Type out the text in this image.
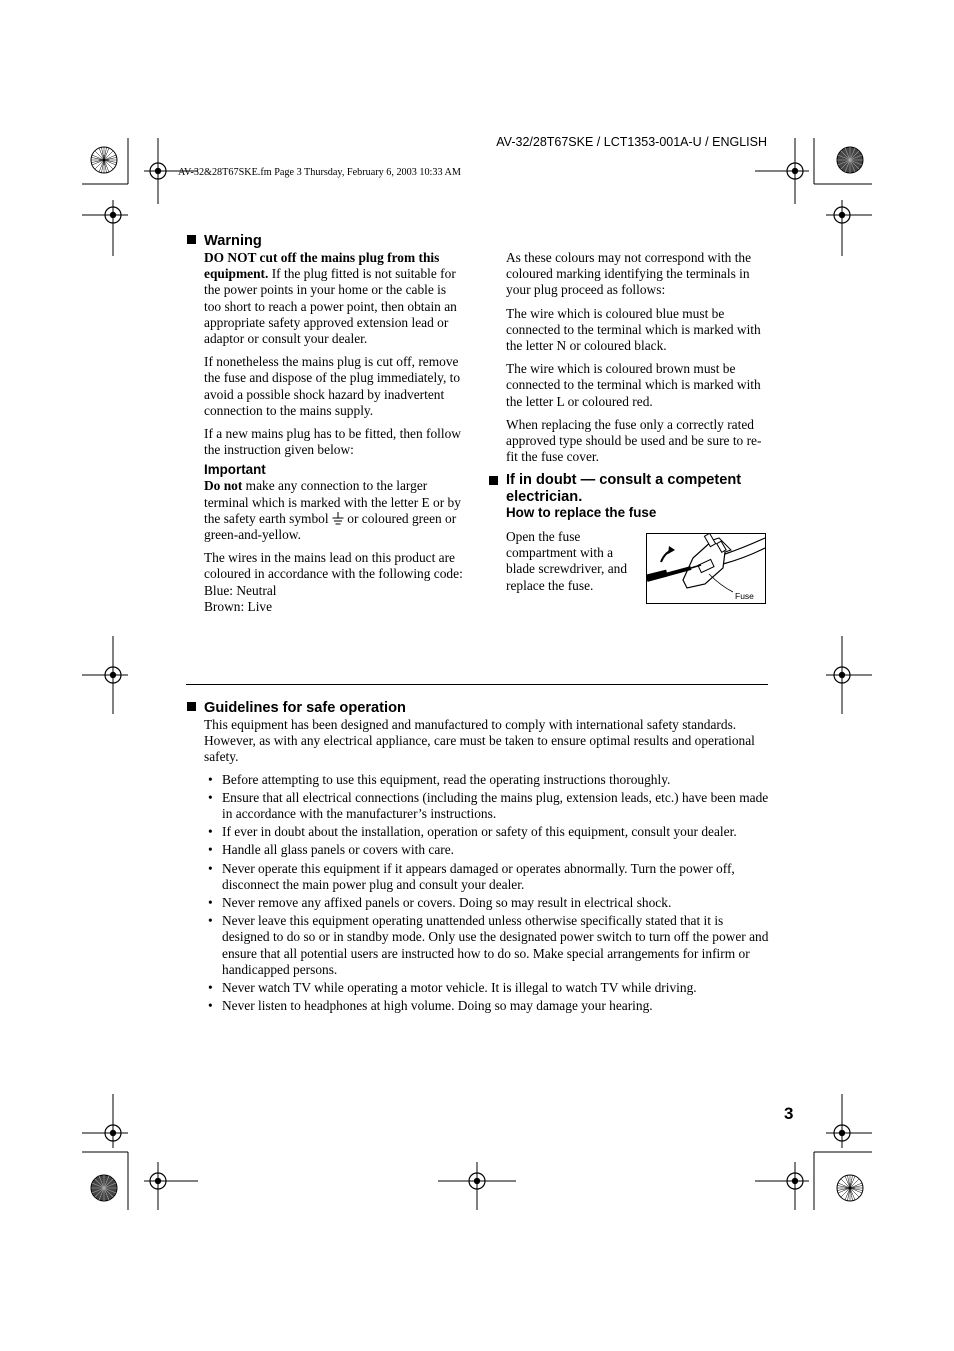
AV-32/28T67SKE / LCT1353-001A-U / ENGLISH
AV-32&28T67SKE.fm Page 3 Thursday, February 6, 2003 10:33 AM
Warning

DO NOT cut off the mains plug from this equipment. If the plug fitted is not suitable for the power points in your home or the cable is too short to reach a power point, then obtain an appropriate safety approved extension lead or adaptor or consult your dealer.

If nonetheless the mains plug is cut off, remove the fuse and dispose of the plug immediately, to avoid a possible shock hazard by inadvertent connection to the mains supply.

If a new mains plug has to be fitted, then follow the instruction given below:

Important

Do not make any connection to the larger terminal which is marked with the letter E or by the safety earth symbol  or coloured green or green-and-yellow.

The wires in the mains lead on this product are coloured in accordance with the following code:

Blue: Neutral
Brown: Live

As these colours may not correspond with the coloured marking identifying the terminals in your plug proceed as follows:

The wire which is coloured blue must be connected to the terminal which is marked with the letter N or coloured black.

The wire which is coloured brown must be connected to the terminal which is marked with the letter L or coloured red.

When replacing the fuse only a correctly rated approved type should be used and be sure to re-fit the fuse cover.

If in doubt — consult a competent electrician.
How to replace the fuse
Open the fuse compartment with a blade screwdriver, and replace the fuse.
Fuse
Guidelines for safe operation
This equipment has been designed and manufactured to comply with international safety standards. However, as with any electrical appliance, care must be taken to ensure optimal results and operational safety.
• Before attempting to use this equipment, read the operating instructions thoroughly.
• Ensure that all electrical connections (including the mains plug, extension leads, etc.) have been made in accordance with the manufacturer’s instructions.
• If ever in doubt about the installation, operation or safety of this equipment, consult your dealer.
• Handle all glass panels or covers with care.
• Never operate this equipment if it appears damaged or operates abnormally. Turn the power off, disconnect the main power plug and consult your dealer.
• Never remove any affixed panels or covers. Doing so may result in electrical shock.
• Never leave this equipment operating unattended unless otherwise specifically stated that it is designed to do so or in standby mode. Only use the designated power switch to turn off the power and ensure that all potential users are instructed how to do so. Make special arrangements for infirm or handicapped persons.
• Never watch TV while operating a motor vehicle. It is illegal to watch TV while driving.
• Never listen to headphones at high volume. Doing so may damage your hearing.
3
